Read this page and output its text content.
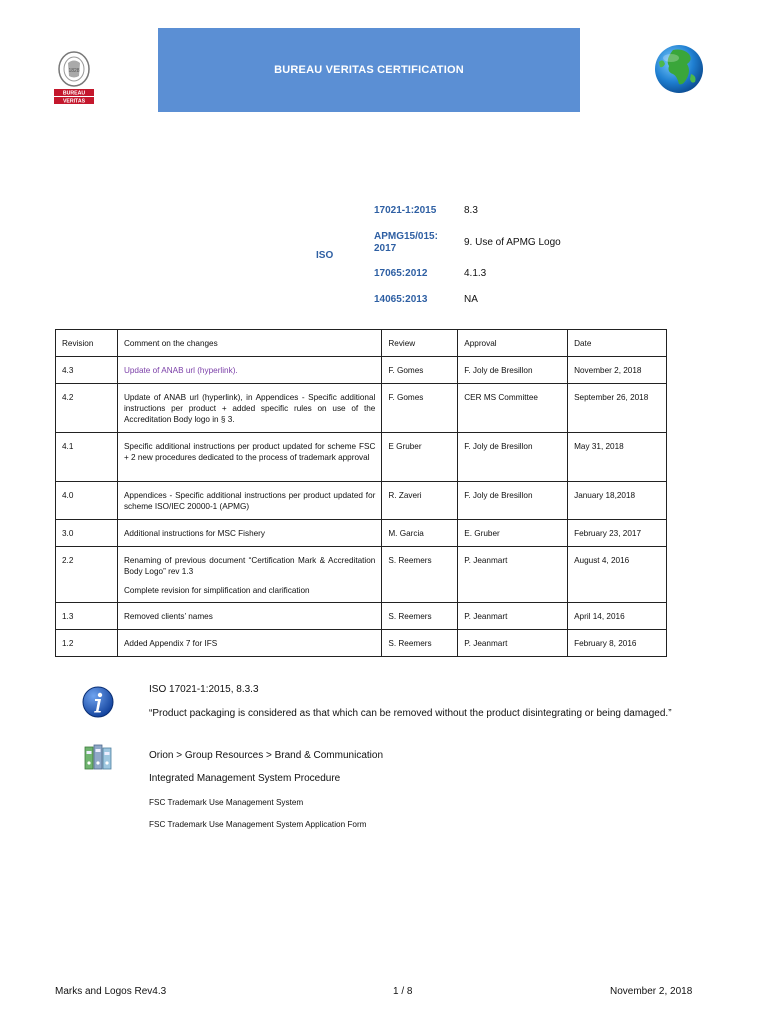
1828
BUREAU
VERITAS
BUREAU VERITAS CERTIFICATION
ISO
17021-1:2015	8.3
APMG15/015:
2017
9. Use of APMG Logo
17065:2012	4.1.3
14065:2013	NA
Revision	Comment on the changes	Review	Approval	Date
4.3	Update of ANAB url (hyperlink).	F. Gomes	F. Joly de Bresillon	November 2, 2018
4.2	Update of ANAB url (hyperlink), in Appendices - Specific additional instructions per product + added specific rules on use of the Accreditation Body logo in § 3.	F. Gomes	CER MS Committee	September 26, 2018
4.1	Specific additional instructions per product updated for scheme FSC + 2 new procedures dedicated to the process of trademark approval	E Gruber	F. Joly de Bresillon	May 31, 2018
4.0	Appendices - Specific additional instructions per product updated for scheme ISO/IEC 20000-1 (APMG)	R. Zaveri	F. Joly de Bresillon	January 18,2018
3.0	Additional instructions for MSC Fishery	M. Garcia	E. Gruber	February 23, 2017
2.2	Renaming of previous document “Certification Mark & Accreditation Body Logo” rev 1.3
Complete revision for simplification and clarification	S. Reemers	P. Jeanmart	August 4, 2016
1.3	Removed clients’ names	S. Reemers	P. Jeanmart	April 14, 2016
1.2	Added Appendix 7 for IFS	S. Reemers	P. Jeanmart	February 8, 2016
ISO 17021-1:2015, 8.3.3
“Product packaging is considered as that which can be removed without the product disintegrating or being damaged.”
Orion > Group Resources > Brand & Communication
Integrated Management System Procedure
FSC Trademark Use Management System
FSC Trademark Use Management System Application Form
Marks and Logos Rev4.3	1 / 8	November 2, 2018
